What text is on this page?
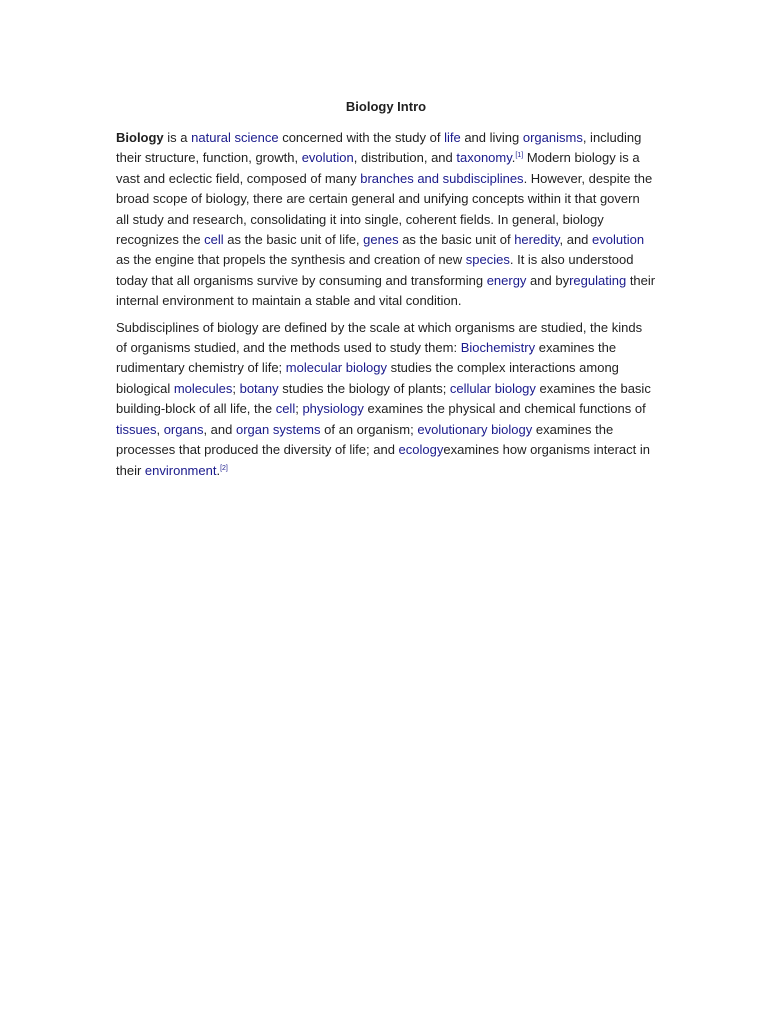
Biology Intro

Biology is a natural science concerned with the study of life and living organisms, including their structure, function, growth, evolution, distribution, and taxonomy.[1] Modern biology is a vast and eclectic field, composed of many branches and subdisciplines. However, despite the broad scope of biology, there are certain general and unifying concepts within it that govern all study and research, consolidating it into single, coherent fields. In general, biology recognizes the cell as the basic unit of life, genes as the basic unit of heredity, and evolution as the engine that propels the synthesis and creation of new species. It is also understood today that all organisms survive by consuming and transforming energy and byregulating their internal environment to maintain a stable and vital condition.

Subdisciplines of biology are defined by the scale at which organisms are studied, the kinds of organisms studied, and the methods used to study them: Biochemistry examines the rudimentary chemistry of life; molecular biology studies the complex interactions among biological molecules; botany studies the biology of plants; cellular biology examines the basic building-block of all life, the cell; physiology examines the physical and chemical functions of tissues, organs, and organ systems of an organism; evolutionary biology examines the processes that produced the diversity of life; and ecologyexamines how organisms interact in their environment.[2]
